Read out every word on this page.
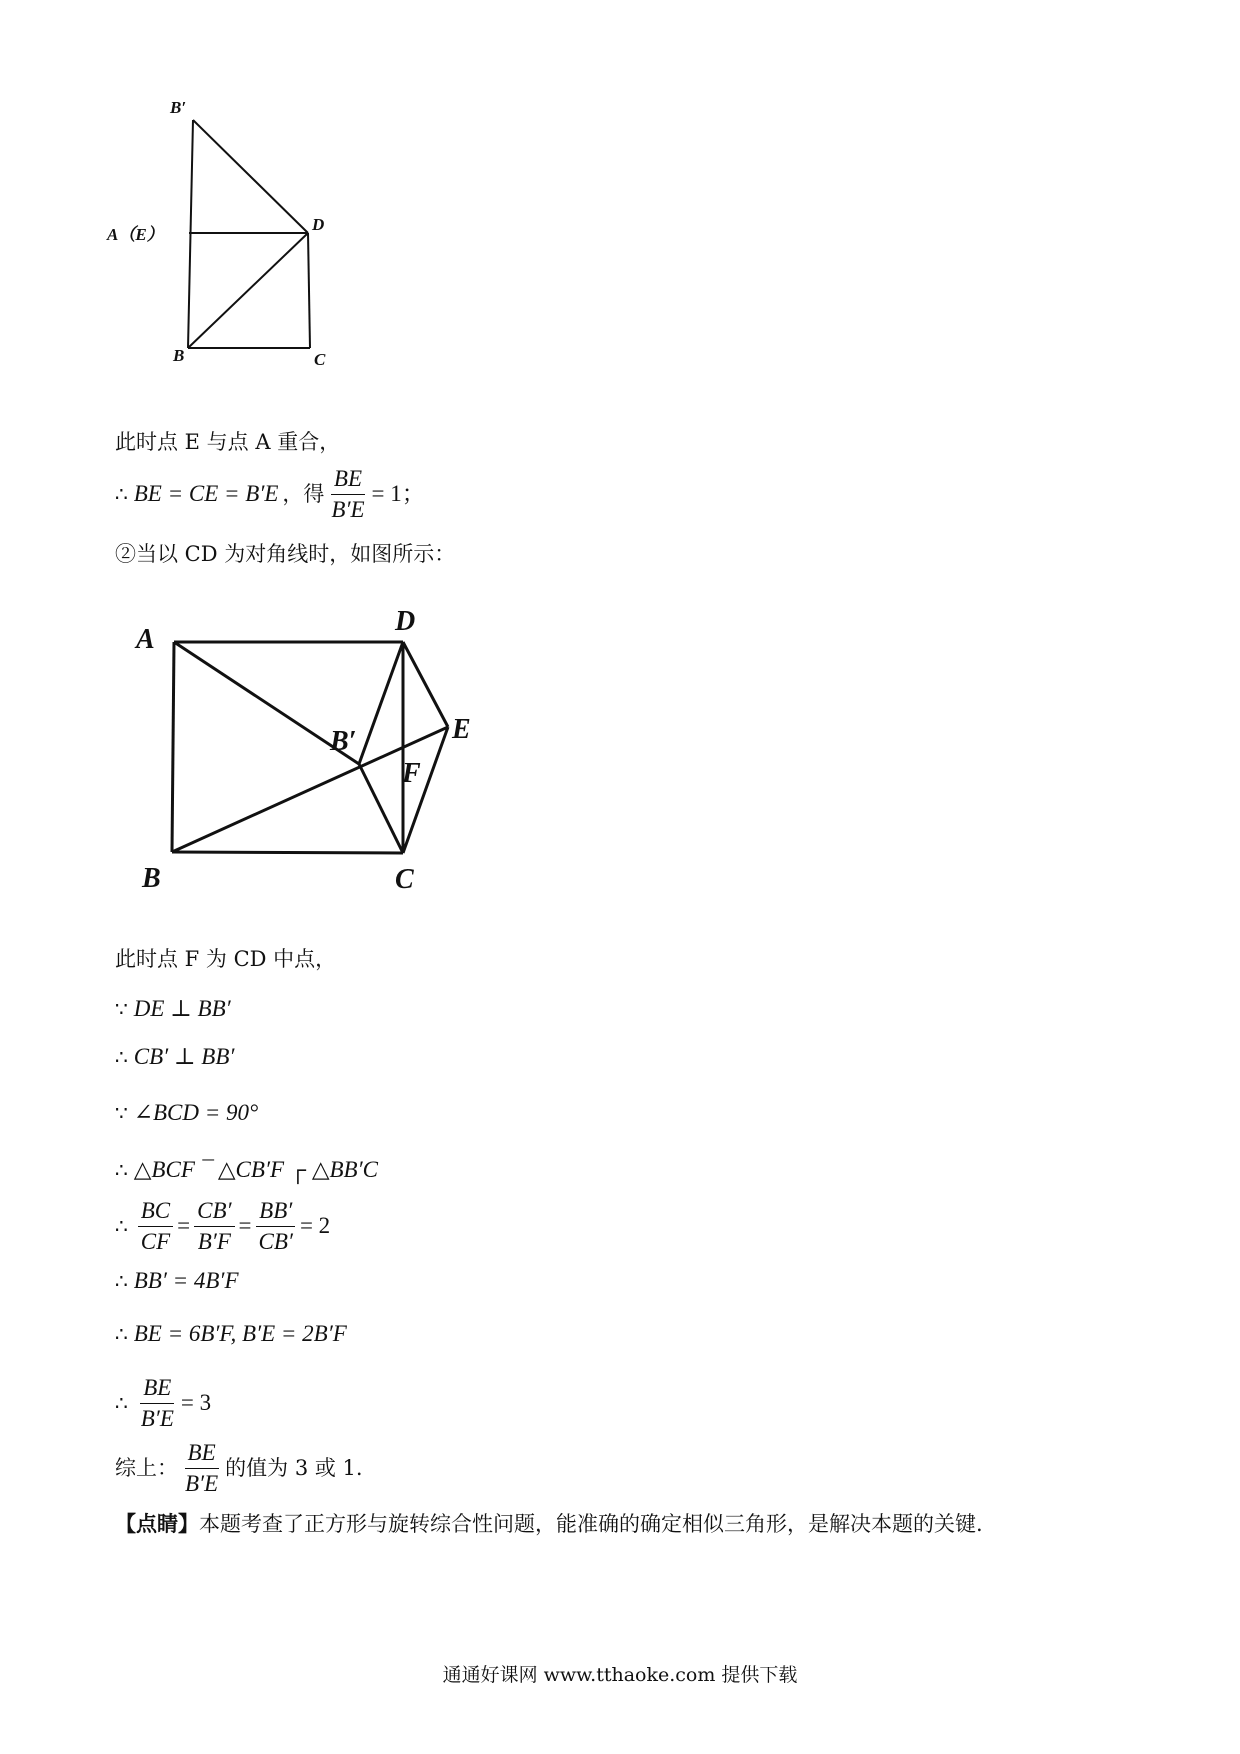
B′
A（E）
D
B	C
此时点 E 与点 A 重合，
∴ BE = CE = B′E ，得 $\frac{BE}{B'E} = 1$；
②当以 CD 为对角线时，如图所示：
A
D
B′	E
F
B	C
此时点 F 为 CD 中点，
∵ DE ⊥ BB′
∴ CB′ ⊥ BB′
∵ ∠BCD = 90°
∴ △BCF ¯ △CB′F ┌ △BB′C
∴ $\frac{BC}{CF} = \frac{CB'}{B'F} = \frac{BB'}{CB'} = 2$
∴ BB′ = 4B′F
∴ BE = 6B′F, B′E = 2B′F
∴ $\frac{BE}{B'E} = 3$
综上： $\frac{BE}{B'E}$ 的值为 3 或 1.
【点睛】 本题考查了正方形与旋转综合性问题，能准确的确定相似三角形，是解决本题的关键.
通通好课网 www.tthaoke.com 提供下载
